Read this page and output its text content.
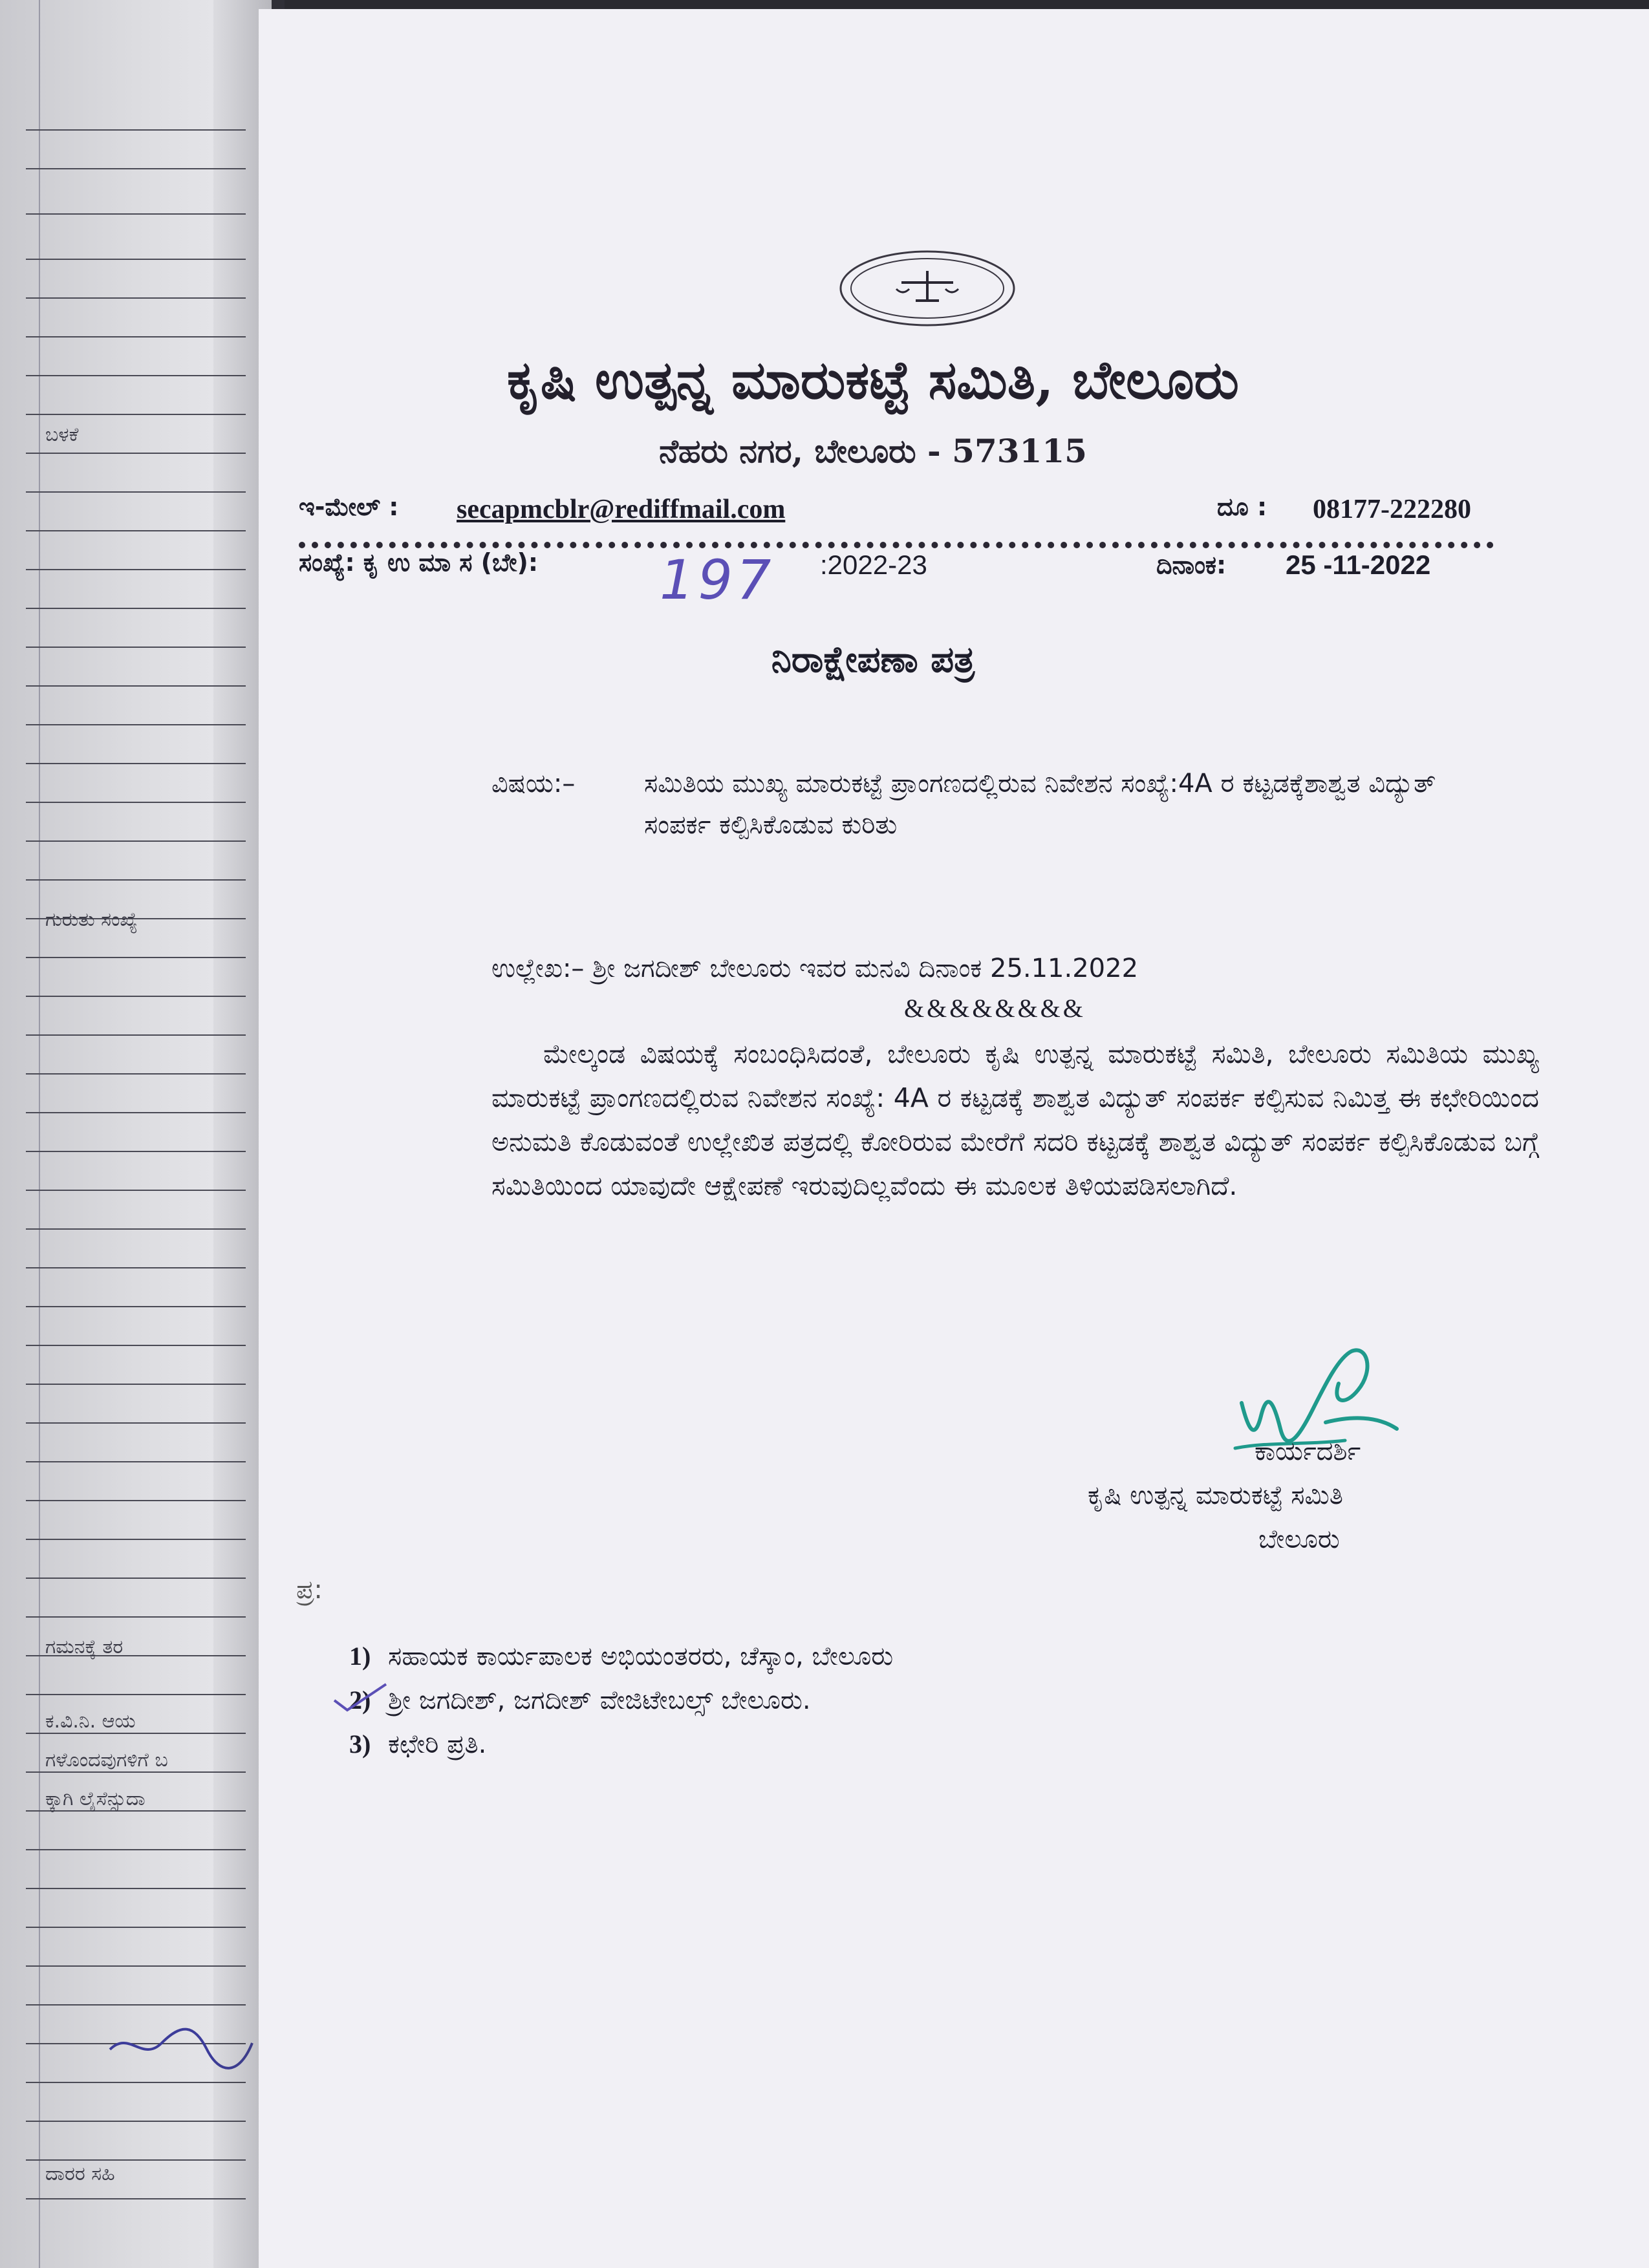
ಬಳಕೆ
ಗುರುತು ಸಂಖ್ಯೆ
ಗಮನಕ್ಕೆ ತರ
ಕ.ವಿ.ನಿ. ಆಯ
ಗಳೊಂದವುಗಳಿಗೆ ಬ
ಕ್ಕಾಗಿ ಲೈಸೆನ್ಸುದಾ
ದಾರರ ಸಹಿ
ಕೃಷಿ ಉತ್ಪನ್ನ ಮಾರುಕಟ್ಟೆ ಸಮಿತಿ, ಬೇಲೂರು
ನೆಹರು ನಗರ, ಬೇಲೂರು - 573115
ಇ-ಮೇಲ್ : secapmcblr@rediffmail.com	ದೂ : 08177-222280
ಸಂಖ್ಯೆ: ಕೃ ಉ ಮಾ ಸ (ಬೇ): 197 :2022-23	ದಿನಾಂಕ: 25 -11-2022
ನಿರಾಕ್ಷೇಪಣಾ ಪತ್ರ
ವಿಷಯ:–	ಸಮಿತಿಯ ಮುಖ್ಯ ಮಾರುಕಟ್ಟೆ ಪ್ರಾಂಗಣದಲ್ಲಿರುವ ನಿವೇಶನ ಸಂಖ್ಯೆ:4A ರ ಕಟ್ಟಡಕ್ಕೆಶಾಶ್ವತ ವಿದ್ಯುತ್ ಸಂಪರ್ಕ ಕಲ್ಪಿಸಿಕೊಡುವ ಕುರಿತು
ಉಲ್ಲೇಖ:– ಶ್ರೀ ಜಗದೀಶ್ ಬೇಲೂರು ಇವರ ಮನವಿ ದಿನಾಂಕ 25.11.2022
&&&&&&&&
ಮೇಲ್ಕಂಡ ವಿಷಯಕ್ಕೆ ಸಂಬಂಧಿಸಿದಂತೆ, ಬೇಲೂರು ಕೃಷಿ ಉತ್ಪನ್ನ ಮಾರುಕಟ್ಟೆ ಸಮಿತಿ, ಬೇಲೂರು ಸಮಿತಿಯ ಮುಖ್ಯ ಮಾರುಕಟ್ಟೆ ಪ್ರಾಂಗಣದಲ್ಲಿರುವ ನಿವೇಶನ ಸಂಖ್ಯೆ: 4A ರ ಕಟ್ಟಡಕ್ಕೆ ಶಾಶ್ವತ ವಿದ್ಯುತ್ ಸಂಪರ್ಕ ಕಲ್ಪಿಸುವ ನಿಮಿತ್ತ ಈ ಕಛೇರಿಯಿಂದ ಅನುಮತಿ ಕೊಡುವಂತೆ ಉಲ್ಲೇಖಿತ ಪತ್ರದಲ್ಲಿ ಕೋರಿರುವ ಮೇರೆಗೆ ಸದರಿ ಕಟ್ಟಡಕ್ಕೆ ಶಾಶ್ವತ ವಿದ್ಯುತ್ ಸಂಪರ್ಕ ಕಲ್ಪಿಸಿಕೊಡುವ ಬಗ್ಗೆ ಸಮಿತಿಯಿಂದ ಯಾವುದೇ ಆಕ್ಷೇಪಣೆ ಇರುವುದಿಲ್ಲವೆಂದು ಈ ಮೂಲಕ ತಿಳಿಯಪಡಿಸಲಾಗಿದೆ.
ಕಾರ್ಯದರ್ಶಿ
ಕೃಷಿ ಉತ್ಪನ್ನ ಮಾರುಕಟ್ಟೆ ಸಮಿತಿ
ಬೇಲೂರು
ಪ್ರ:
1) ಸಹಾಯಕ ಕಾರ್ಯಪಾಲಕ ಅಭಿಯಂತರರು, ಚೆಸ್ಕಾಂ, ಬೇಲೂರು
2) ಶ್ರೀ ಜಗದೀಶ್, ಜಗದೀಶ್ ವೇಜಿಟೇಬಲ್ಸ್ ಬೇಲೂರು.
3) ಕಛೇರಿ ಪ್ರತಿ.
